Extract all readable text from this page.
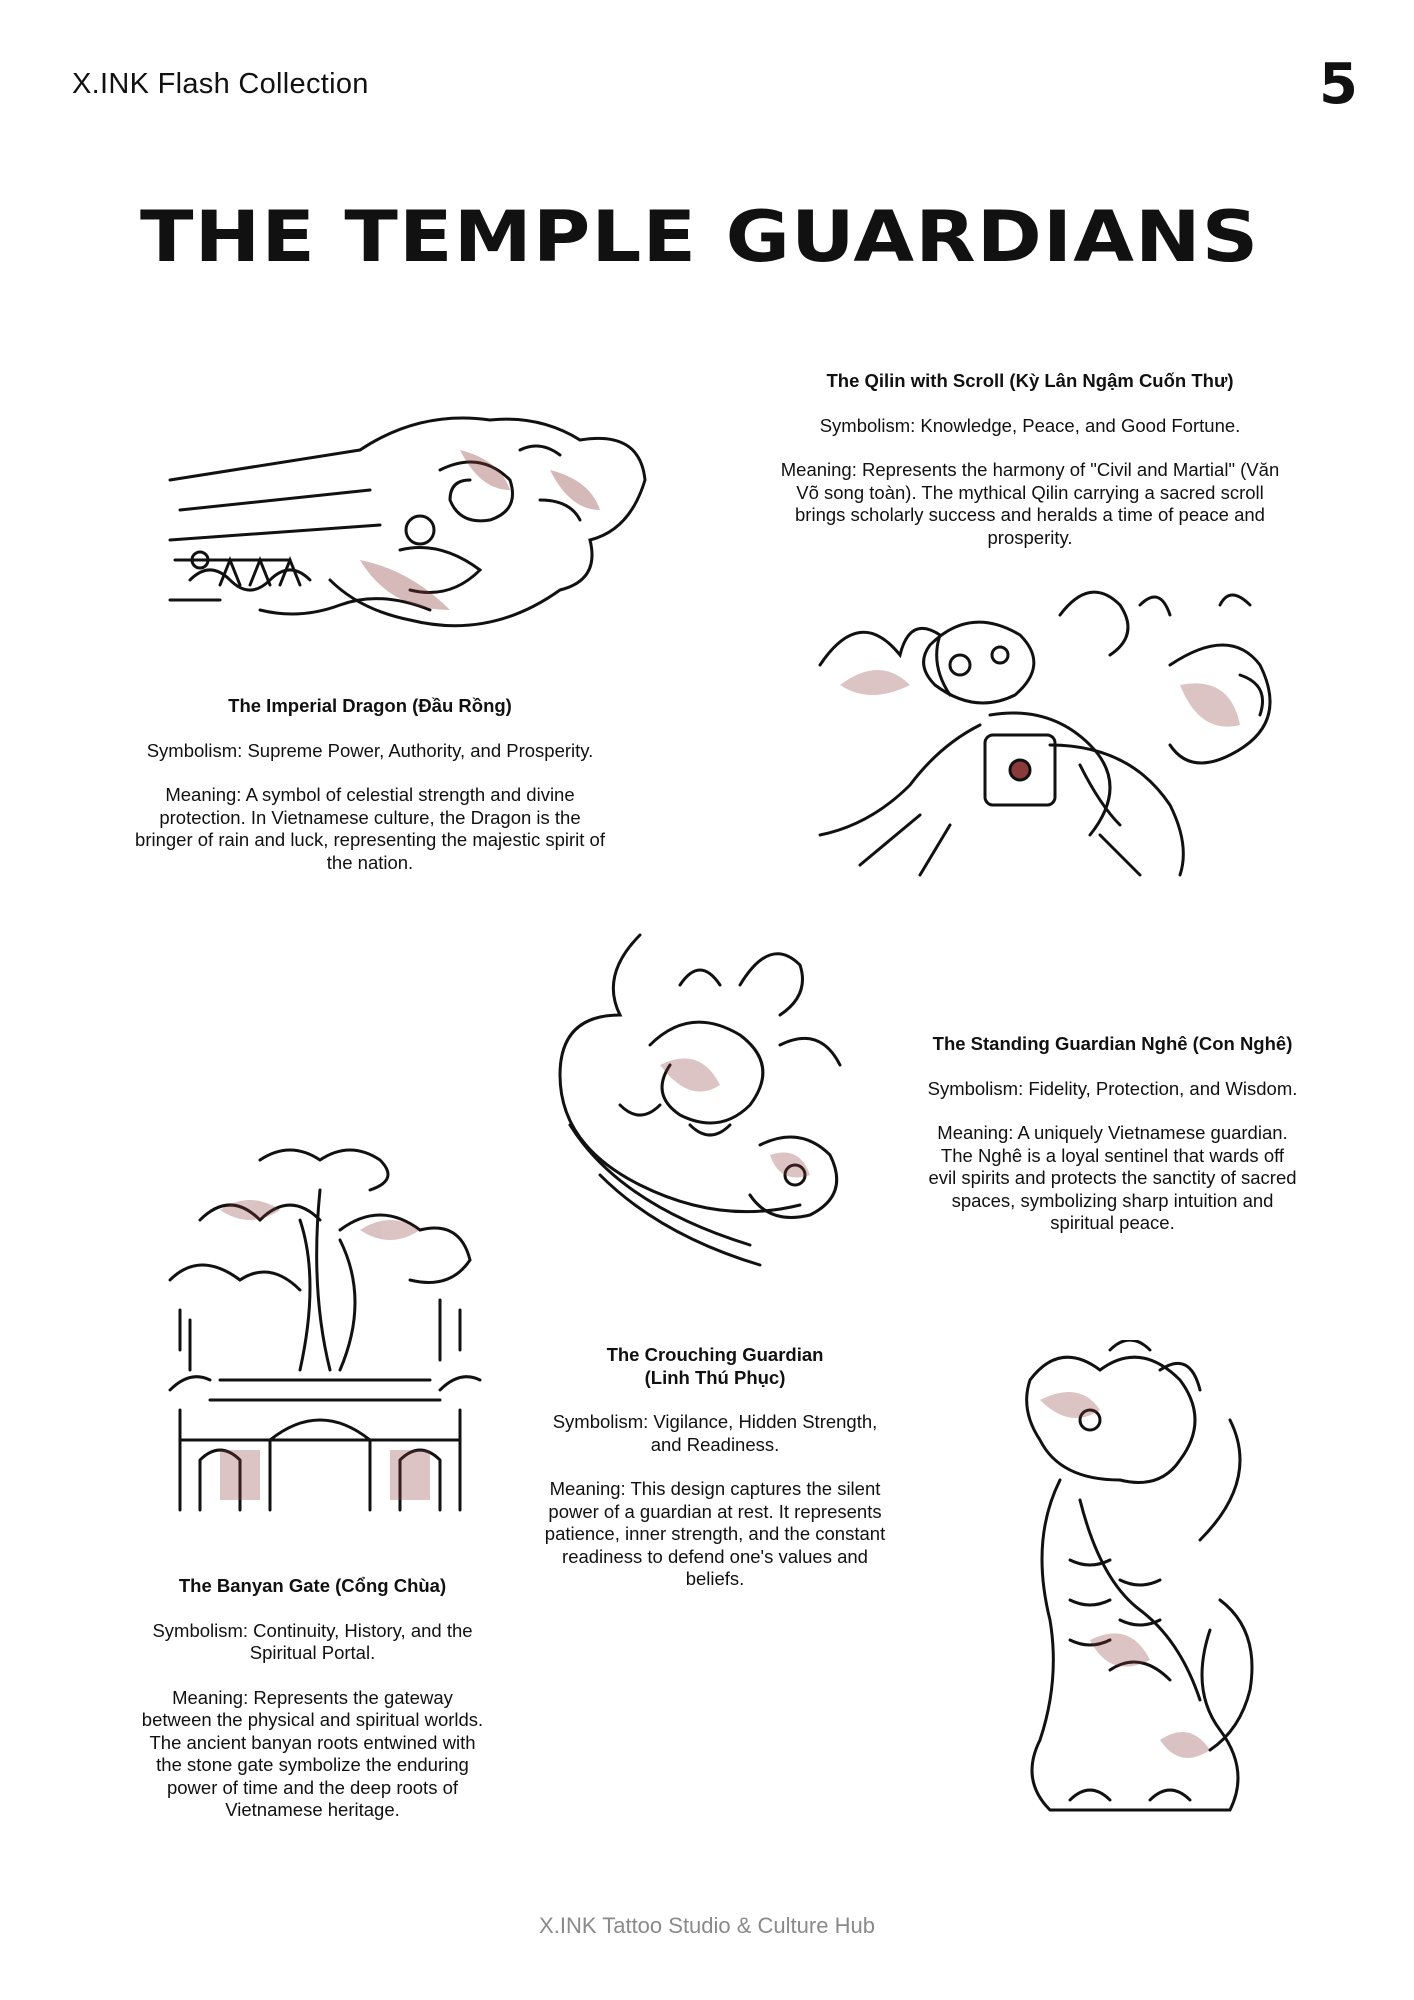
X.INK Flash Collection	5
THE TEMPLE GUARDIANS

The Imperial Dragon (Đầu Rồng)

Symbolism: Supreme Power, Authority, and Prosperity.

Meaning: A symbol of celestial strength and divine protection. In Vietnamese culture, the Dragon is the bringer of rain and luck, representing the majestic spirit of the nation.

The Qilin with Scroll (Kỳ Lân Ngậm Cuốn Thư)

Symbolism: Knowledge, Peace, and Good Fortune.

Meaning: Represents the harmony of "Civil and Martial" (Văn Võ song toàn). The mythical Qilin carrying a sacred scroll brings scholarly success and heralds a time of peace and prosperity.

The Crouching Guardian
(Linh Thú Phục)

Symbolism: Vigilance, Hidden Strength, and Readiness.

Meaning: This design captures the silent power of a guardian at rest. It represents patience, inner strength, and the constant readiness to defend one's values and beliefs.

The Standing Guardian Nghê (Con Nghê)

Symbolism: Fidelity, Protection, and Wisdom.

Meaning: A uniquely Vietnamese guardian. The Nghê is a loyal sentinel that wards off evil spirits and protects the sanctity of sacred spaces, symbolizing sharp intuition and spiritual peace.

The Banyan Gate (Cổng Chùa)

Symbolism: Continuity, History, and the Spiritual Portal.

Meaning: Represents the gateway between the physical and spiritual worlds. The ancient banyan roots entwined with the stone gate symbolize the enduring power of time and the deep roots of Vietnamese heritage.

X.INK Tattoo Studio & Culture Hub
